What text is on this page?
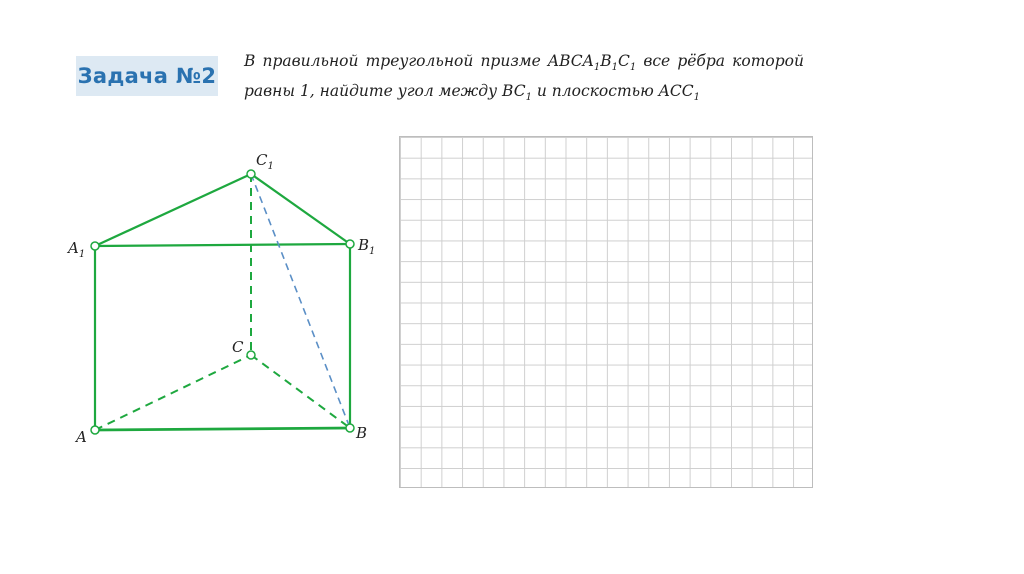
Задача №2
В правильной треугольной призме $ABCA_1B_1C_1$ все рёбра которой равны 1, найдите угол между $BC_1$ и плоскостью $ACC_1$
$C_1$
$A_1$
$B_1$
C
A	B
